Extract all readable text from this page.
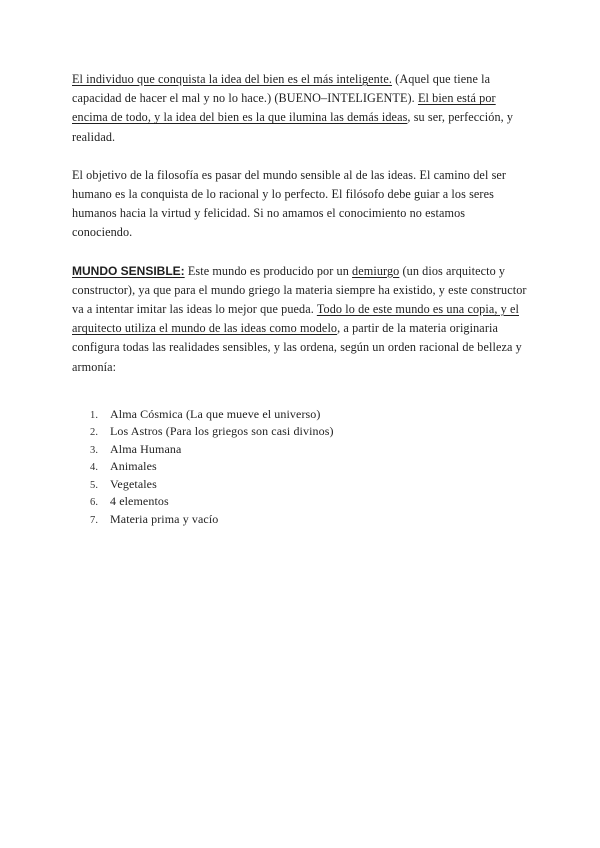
El individuo que conquista la idea del bien es el más inteligente. (Aquel que tiene la capacidad de hacer el mal y no lo hace.) (BUENO–INTELIGENTE). El bien está por encima de todo, y la idea del bien es la que ilumina las demás ideas, su ser, perfección, y realidad.

El objetivo de la filosofía es pasar del mundo sensible al de las ideas. El camino del ser humano es la conquista de lo racional y lo perfecto. El filósofo debe guiar a los seres humanos hacia la virtud y felicidad. Si no amamos el conocimiento no estamos conociendo.

MUNDO SENSIBLE: Este mundo es producido por un demiurgo (un dios arquitecto y constructor), ya que para el mundo griego la materia siempre ha existido, y este constructor va a intentar imitar las ideas lo mejor que pueda. Todo lo de este mundo es una copia, y el arquitecto utiliza el mundo de las ideas como modelo, a partir de la materia originaria configura todas las realidades sensibles, y las ordena, según un orden racional de belleza y armonía:

1. Alma Cósmica (La que mueve el universo)
2. Los Astros (Para los griegos son casi divinos)
3. Alma Humana
4. Animales
5. Vegetales
6. 4 elementos
7. Materia prima y vacío
